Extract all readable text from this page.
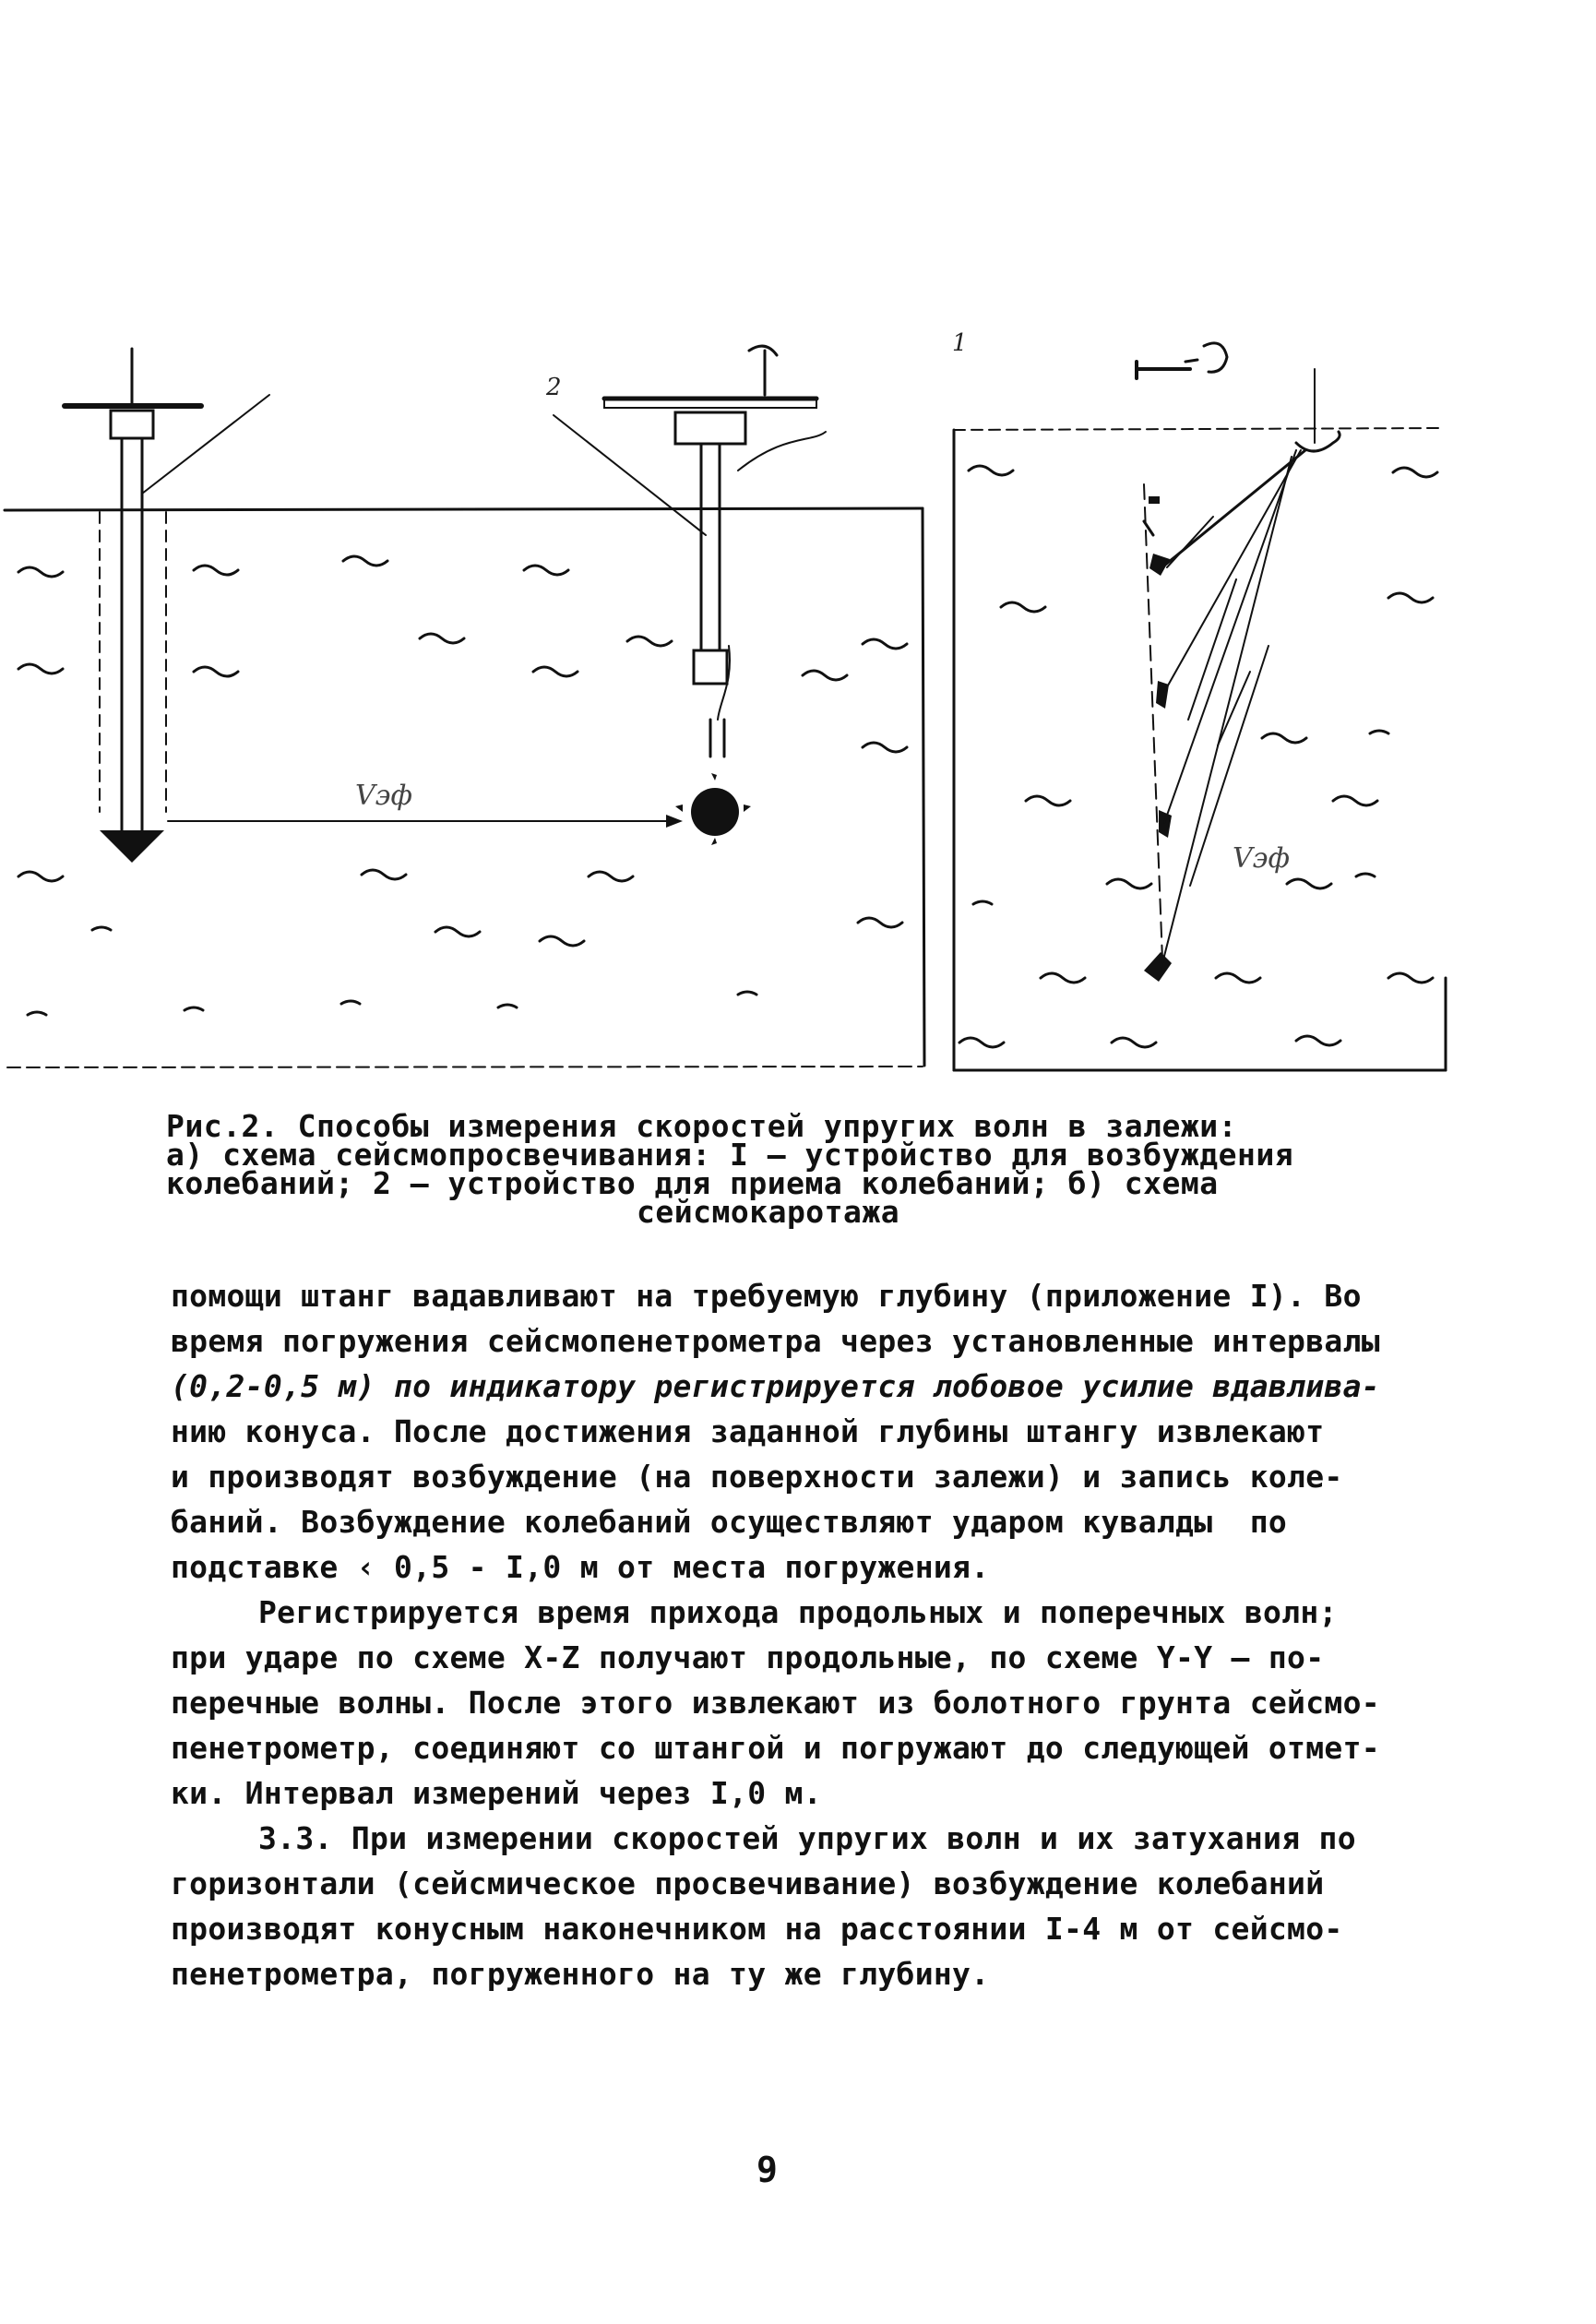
2
1
Vэф
Vэф
Рис.2. Способы измерения скоростей упругих волн в залежи:
а) схема сейсмопросвечивания: I — устройство для возбуждения
колебаний; 2 — устройство для приема колебаний; б) схема
сейсмокаротажа

помощи штанг вадавливают на требуемую глубину (приложение I). Во
время погружения сейсмопенетрометра через установленные интервалы
(0,2-0,5 м) по индикатору регистрируется лобовое усилие вдавлива-
нию конуса. После достижения заданной глубины штангу извлекают
и производят возбуждение (на поверхности залежи) и запись коле-
баний. Возбуждение колебаний осуществляют ударом кувалды  по
подставке ‹ 0,5 - I,0 м от места погружения.

Регистрируется время прихода продольных и поперечных волн;
при ударе по схеме Х-Z получают продольные, по схеме Y-Y — по-
перечные волны. После этого извлекают из болотного грунта сейсмо-
пенетрометр, соединяют со штангой и погружают до следующей отмет-
ки. Интервал измерений через I,0 м.

3.3. При измерении скоростей упругих волн и их затухания по
горизонтали (сейсмическое просвечивание) возбуждение колебаний
производят конусным наконечником на расстоянии I-4 м от сейсмо-
пенетрометра, погруженного на ту же глубину.

9
